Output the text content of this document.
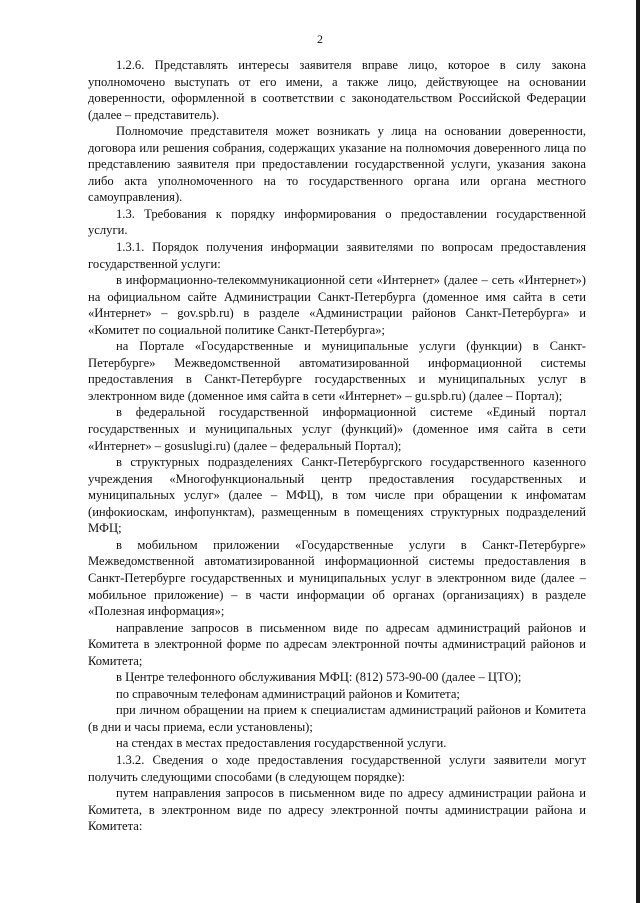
2

1.2.6. Представлять интересы заявителя вправе лицо, которое в силу закона уполномочено выступать от его имени, а также лицо, действующее на основании доверенности, оформленной в соответствии с законодательством Российской Федерации (далее – представитель).

Полномочие представителя может возникать у лица на основании доверенности, договора или решения собрания, содержащих указание на полномочия доверенного лица по представлению заявителя при предоставлении государственной услуги, указания закона либо акта уполномоченного на то государственного органа или органа местного самоуправления).

1.3. Требования к порядку информирования о предоставлении государственной услуги.

1.3.1. Порядок получения информации заявителями по вопросам предоставления государственной услуги:

в информационно-телекоммуникационной сети «Интернет» (далее – сеть «Интернет») на официальном сайте Администрации Санкт-Петербурга (доменное имя сайта в сети «Интернет» – gov.spb.ru) в разделе «Администрации районов Санкт-Петербурга» и «Комитет по социальной политике Санкт-Петербурга»;

на Портале «Государственные и муниципальные услуги (функции) в Санкт-Петербурге» Межведомственной автоматизированной информационной системы предоставления в Санкт-Петербурге государственных и муниципальных услуг в электронном виде (доменное имя сайта в сети «Интернет» – gu.spb.ru) (далее – Портал);

в федеральной государственной информационной системе «Единый портал государственных и муниципальных услуг (функций)» (доменное имя сайта в сети «Интернет» – gosuslugi.ru) (далее – федеральный Портал);

в структурных подразделениях Санкт-Петербургского государственного казенного учреждения «Многофункциональный центр предоставления государственных и муниципальных услуг» (далее – МФЦ), в том числе при обращении к инфоматам (инфокиоскам, инфопунктам), размещенным в помещениях структурных подразделений МФЦ;

в мобильном приложении «Государственные услуги в Санкт-Петербурге» Межведомственной автоматизированной информационной системы предоставления в Санкт-Петербурге государственных и муниципальных услуг в электронном виде (далее – мобильное приложение) – в части информации об органах (организациях) в разделе «Полезная информация»;

направление запросов в письменном виде по адресам администраций районов и Комитета в электронной форме по адресам электронной почты администраций районов и Комитета;

в Центре телефонного обслуживания МФЦ: (812) 573-90-00 (далее – ЦТО);

по справочным телефонам администраций районов и Комитета;

при личном обращении на прием к специалистам администраций районов и Комитета (в дни и часы приема, если установлены);

на стендах в местах предоставления государственной услуги.

1.3.2. Сведения о ходе предоставления государственной услуги заявители могут получить следующими способами (в следующем порядке):

путем направления запросов в письменном виде по адресу администрации района и Комитета, в электронном виде по адресу электронной почты администрации района и Комитета:
